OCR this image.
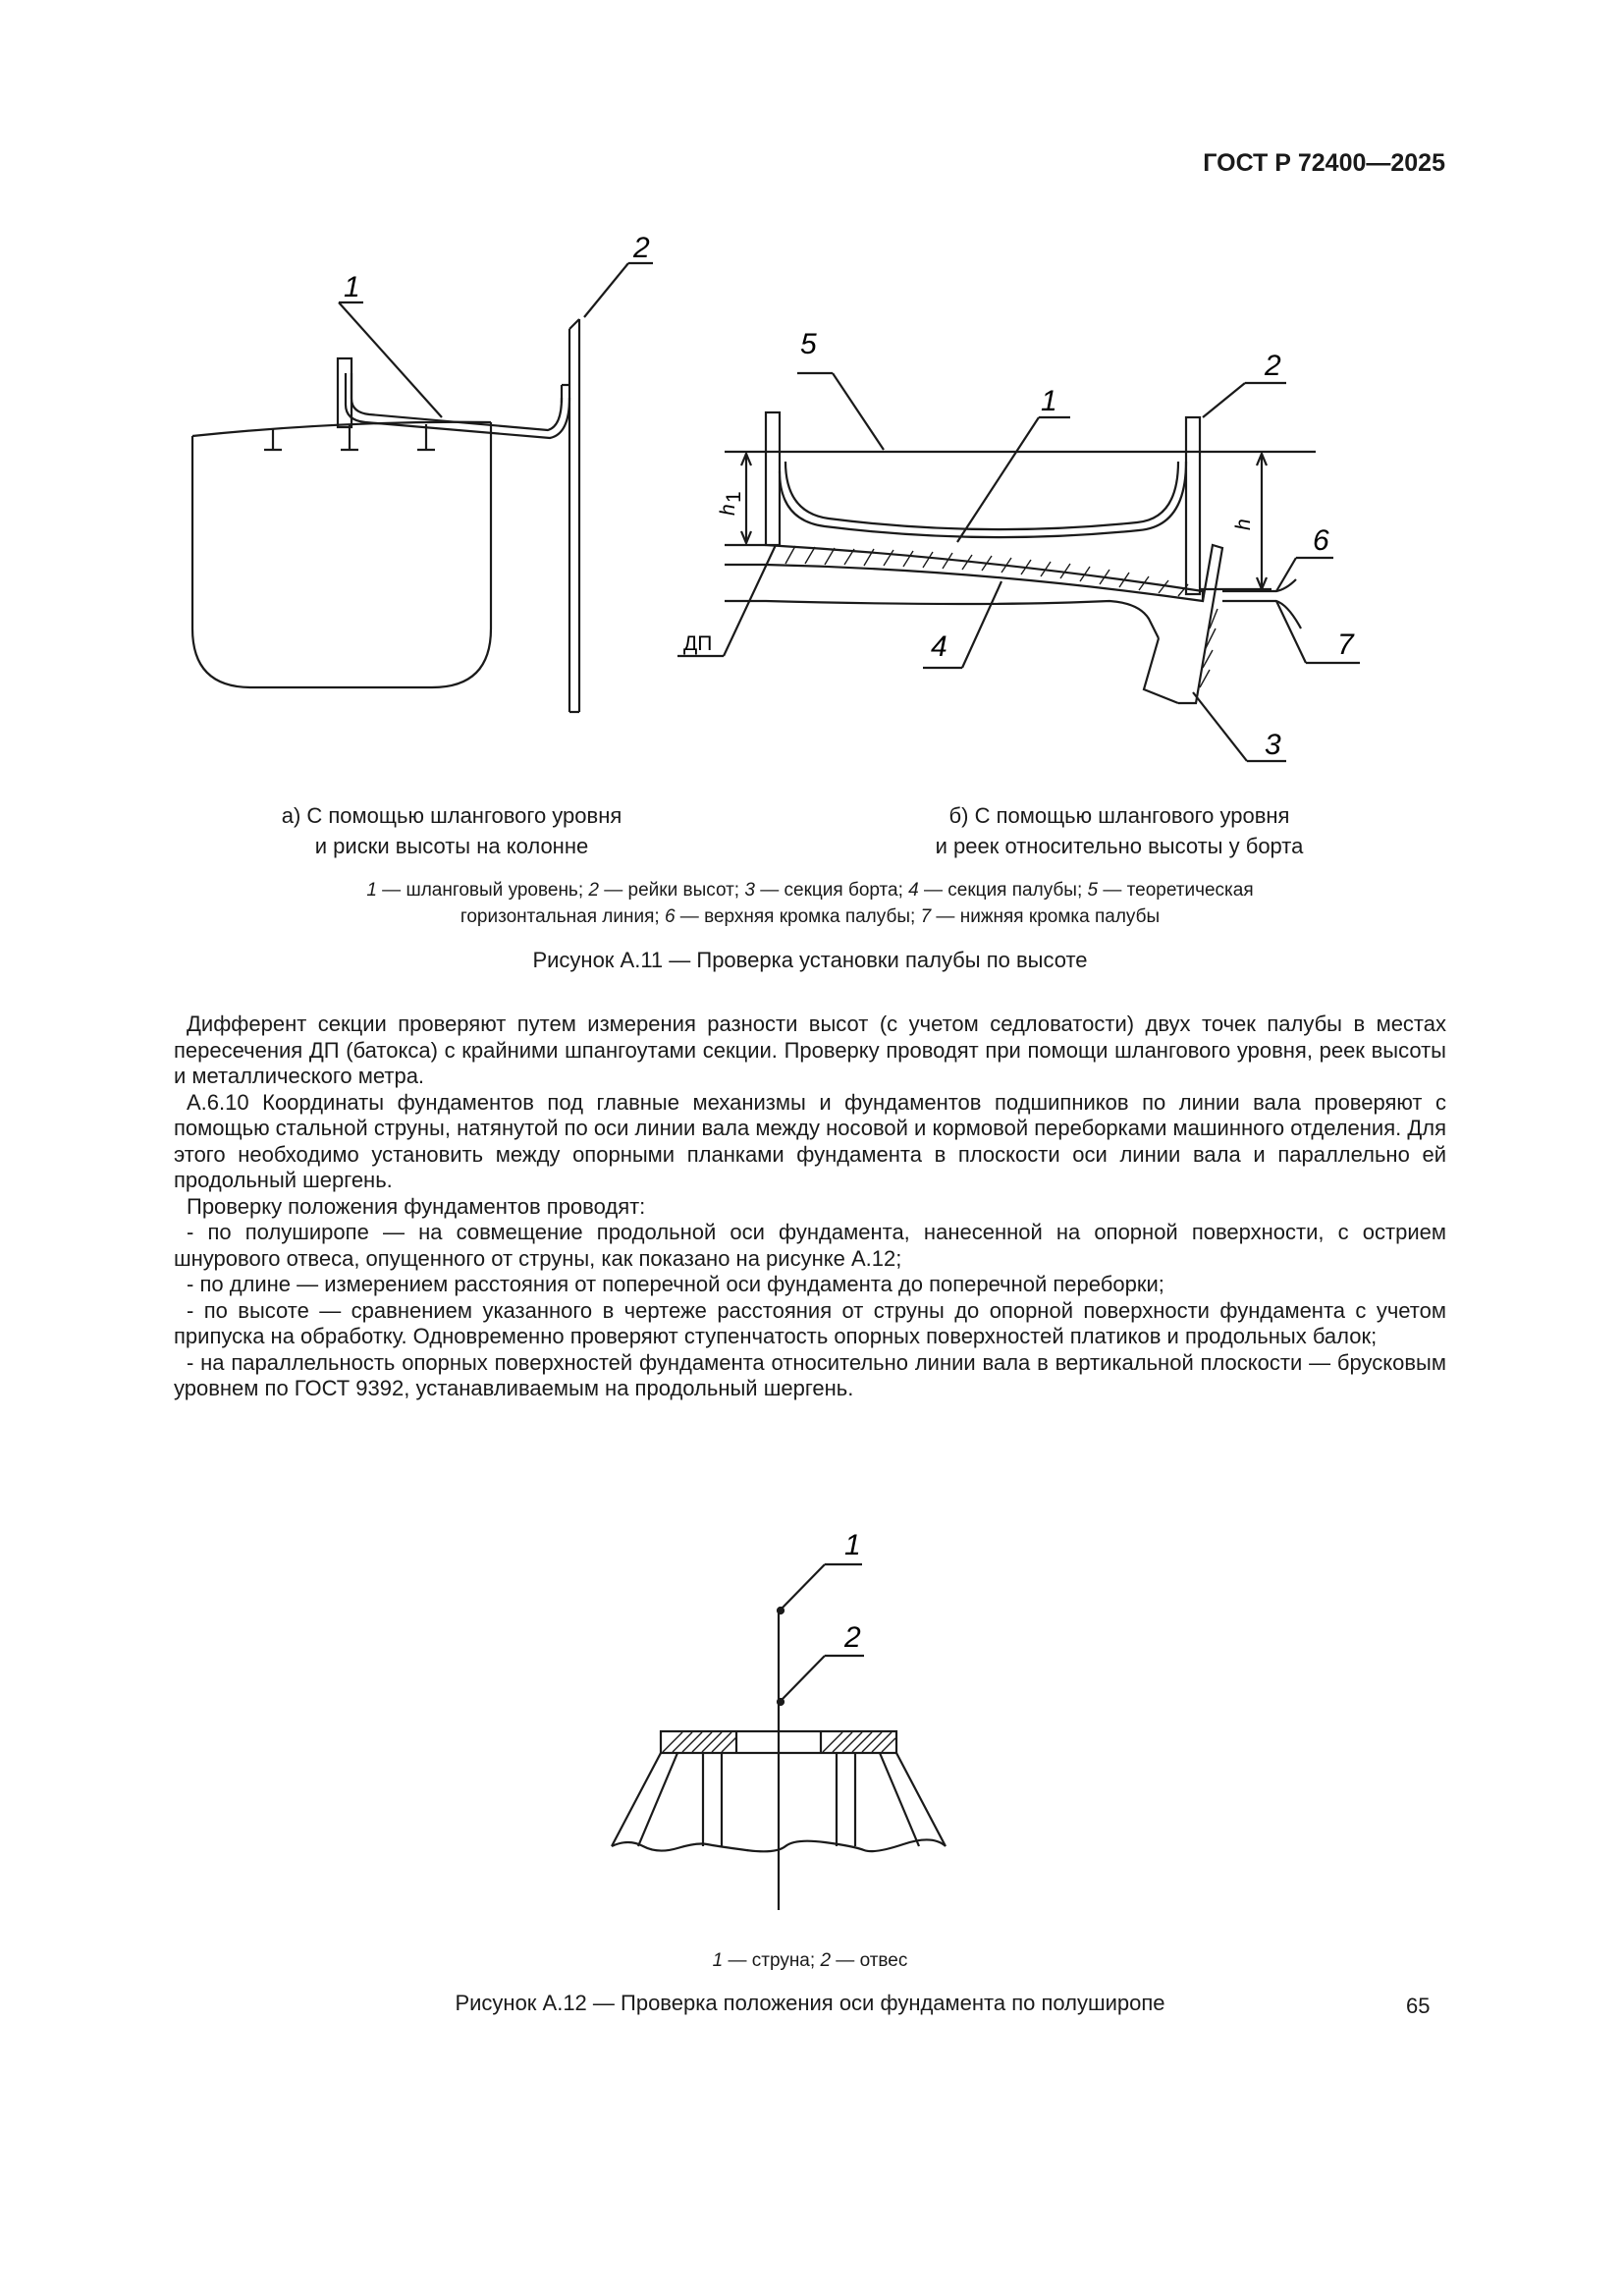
ГОСТ Р 72400—2025
1
2
5
1
2
6
7
4
3
ДП
h
1
h
а) С помощью шлангового уровня
и риски высоты на колонне
б) С помощью шлангового уровня
и реек относительно высоты у борта
1 — шланговый уровень; 2 — рейки высот; 3 — секция борта; 4 — секция палубы; 5 — теоретическая
горизонтальная линия; 6 — верхняя кромка палубы; 7 — нижняя кромка палубы
Рисунок А.11 — Проверка установки палубы по высоте

Дифферент секции проверяют путем измерения разности высот (с учетом седловатости) двух точек палубы в местах пересечения ДП (батокса) с крайними шпангоутами секции. Проверку проводят при помощи шлангового уровня, реек высоты и металлического метра.

А.6.10 Координаты фундаментов под главные механизмы и фундаментов подшипников по линии вала проверяют с помощью стальной струны, натянутой по оси линии вала между носовой и кормовой переборками машинного отделения. Для этого необходимо установить между опорными планками фундамента в плоскости оси линии вала и параллельно ей продольный шергень.

Проверку положения фундаментов проводят:

- по полуширопе — на совмещение продольной оси фундамента, нанесенной на опорной поверхности, с острием шнурового отвеса, опущенного от струны, как показано на рисунке А.12;

- по длине — измерением расстояния от поперечной оси фундамента до поперечной переборки;

- по высоте — сравнением указанного в чертеже расстояния от струны до опорной поверхности фундамента с учетом припуска на обработку. Одновременно проверяют ступенчатость опорных поверхностей платиков и продольных балок;

- на параллельность опорных поверхностей фундамента относительно линии вала в вертикальной плоскости — брусковым уровнем по ГОСТ 9392, устанавливаемым на продольный шергень.

1
2
1 — струна; 2 — отвес
Рисунок А.12 — Проверка положения оси фундамента по полуширопе	65
